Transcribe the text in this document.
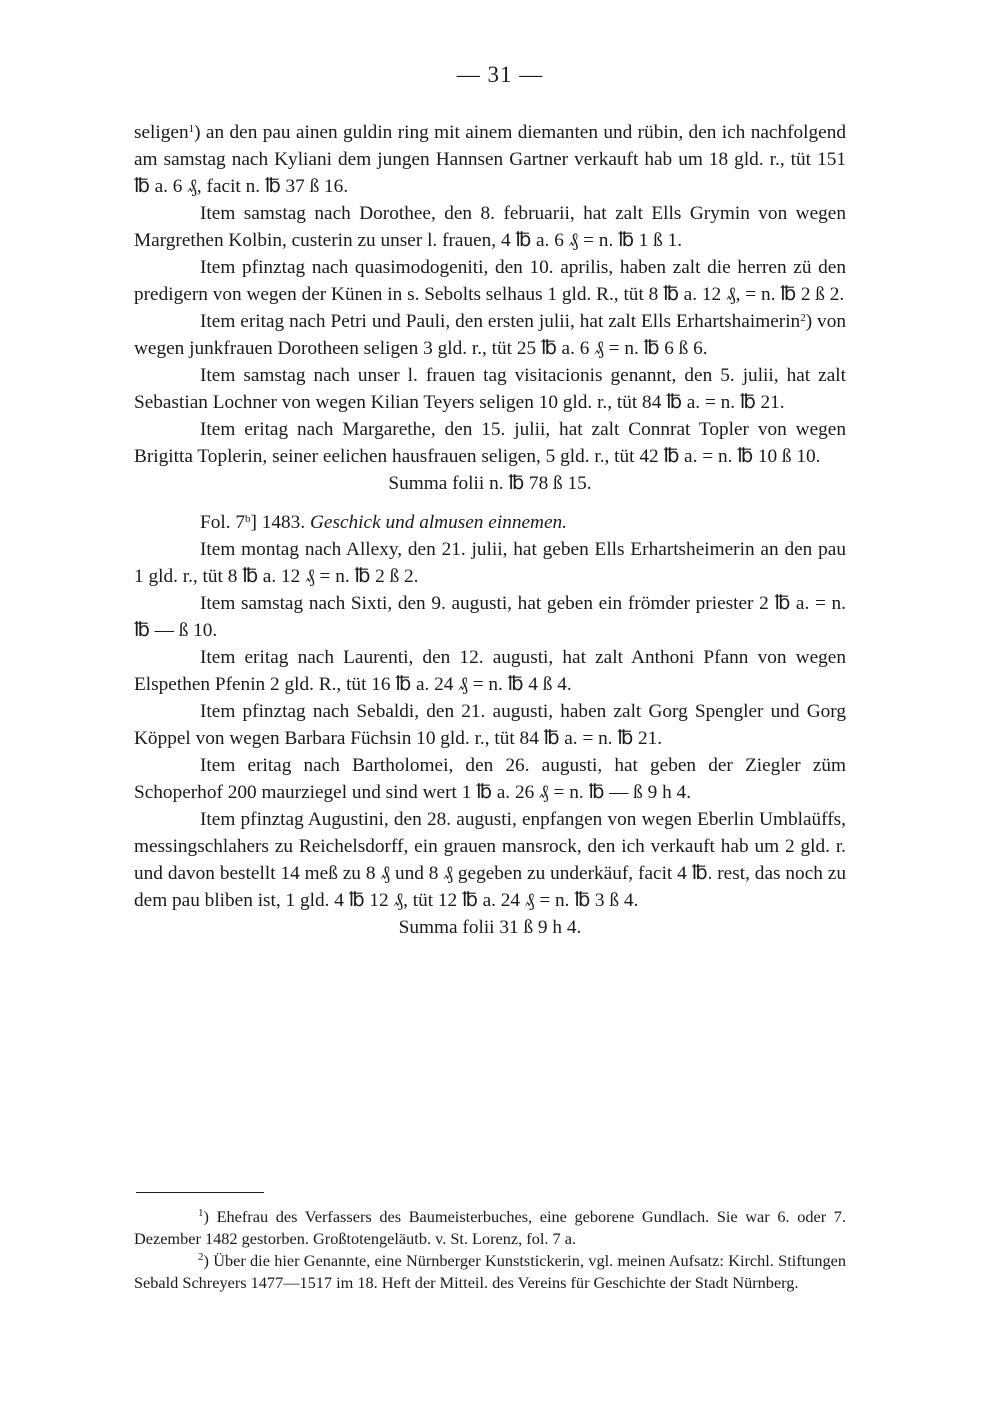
— 31 —

seligen$^1$) an den pau ainen guldin ring mit ainem diemanten und rübin, den ich nachfolgend am samstag nach Kyliani dem jungen Hannsen Gartner verkauft hab um 18 gld. r., tüt 151 ℔ a. 6 ₰, facit n. ℔ 37 ß 16.

Item samstag nach Dorothee, den 8. februarii, hat zalt Ells Grymin von wegen Margrethen Kolbin, custerin zu unser l. frauen, 4 ℔ a. 6 ₰ = n. ℔ 1 ß 1.

Item pfinztag nach quasimodogeniti, den 10. aprilis, haben zalt die herren zü den predigern von wegen der Künen in s. Sebolts selhaus 1 gld. R., tüt 8 ℔ a. 12 ₰, = n. ℔ 2 ß 2.

Item eritag nach Petri und Pauli, den ersten julii, hat zalt Ells Erhartshaimerin$^2$) von wegen junkfrauen Dorotheen seligen 3 gld. r., tüt 25 ℔ a. 6 ₰ = n. ℔ 6 ß 6.

Item samstag nach unser l. frauen tag visitacionis genannt, den 5. julii, hat zalt Sebastian Lochner von wegen Kilian Teyers seligen 10 gld. r., tüt 84 ℔ a. = n. ℔ 21.

Item eritag nach Margarethe, den 15. julii, hat zalt Connrat Topler von wegen Brigitta Toplerin, seiner eelichen hausfrauen seligen, 5 gld. r., tüt 42 ℔ a. = n. ℔ 10 ß 10.

Summa folii n. ℔ 78 ß 15.

Fol. 7$^b$] 1483. Geschick und almusen einnemen.

Item montag nach Allexy, den 21. julii, hat geben Ells Erhartsheimerin an den pau 1 gld. r., tüt 8 ℔ a. 12 ₰ = n. ℔ 2 ß 2.

Item samstag nach Sixti, den 9. augusti, hat geben ein frömder priester 2 ℔ a. = n. ℔ — ß 10.

Item eritag nach Laurenti, den 12. augusti, hat zalt Anthoni Pfann von wegen Elspethen Pfenin 2 gld. R., tüt 16 ℔ a. 24 ₰ = n. ℔ 4 ß 4.

Item pfinztag nach Sebaldi, den 21. augusti, haben zalt Gorg Spengler und Gorg Köppel von wegen Barbara Füchsin 10 gld. r., tüt 84 ℔ a. = n. ℔ 21.

Item eritag nach Bartholomei, den 26. augusti, hat geben der Ziegler züm Schoperhof 200 maurziegel und sind wert 1 ℔ a. 26 ₰ = n. ℔ — ß 9 h 4.

Item pfinztag Augustini, den 28. augusti, enpfangen von wegen Eberlin Umblaüffs, messingschlahers zu Reichelsdorff, ein grauen mansrock, den ich verkauft hab um 2 gld. r. und davon bestellt 14 meß zu 8 ₰ und 8 ₰ gegeben zu underkäuf, facit 4 ℔. rest, das noch zu dem pau bliben ist, 1 gld. 4 ℔ 12 ₰, tüt 12 ℔ a. 24 ₰ = n. ℔ 3 ß 4.

Summa folii 31 ß 9 h 4.

$^1$) Ehefrau des Verfassers des Baumeisterbuches, eine geborene Gundlach. Sie war 6. oder 7. Dezember 1482 gestorben. Großtotengeläutb. v. St. Lorenz, fol. 7 a.

$^2$) Über die hier Genannte, eine Nürnberger Kunststickerin, vgl. meinen Aufsatz: Kirchl. Stiftungen Sebald Schreyers 1477—1517 im 18. Heft der Mitteil. des Vereins für Geschichte der Stadt Nürnberg.
